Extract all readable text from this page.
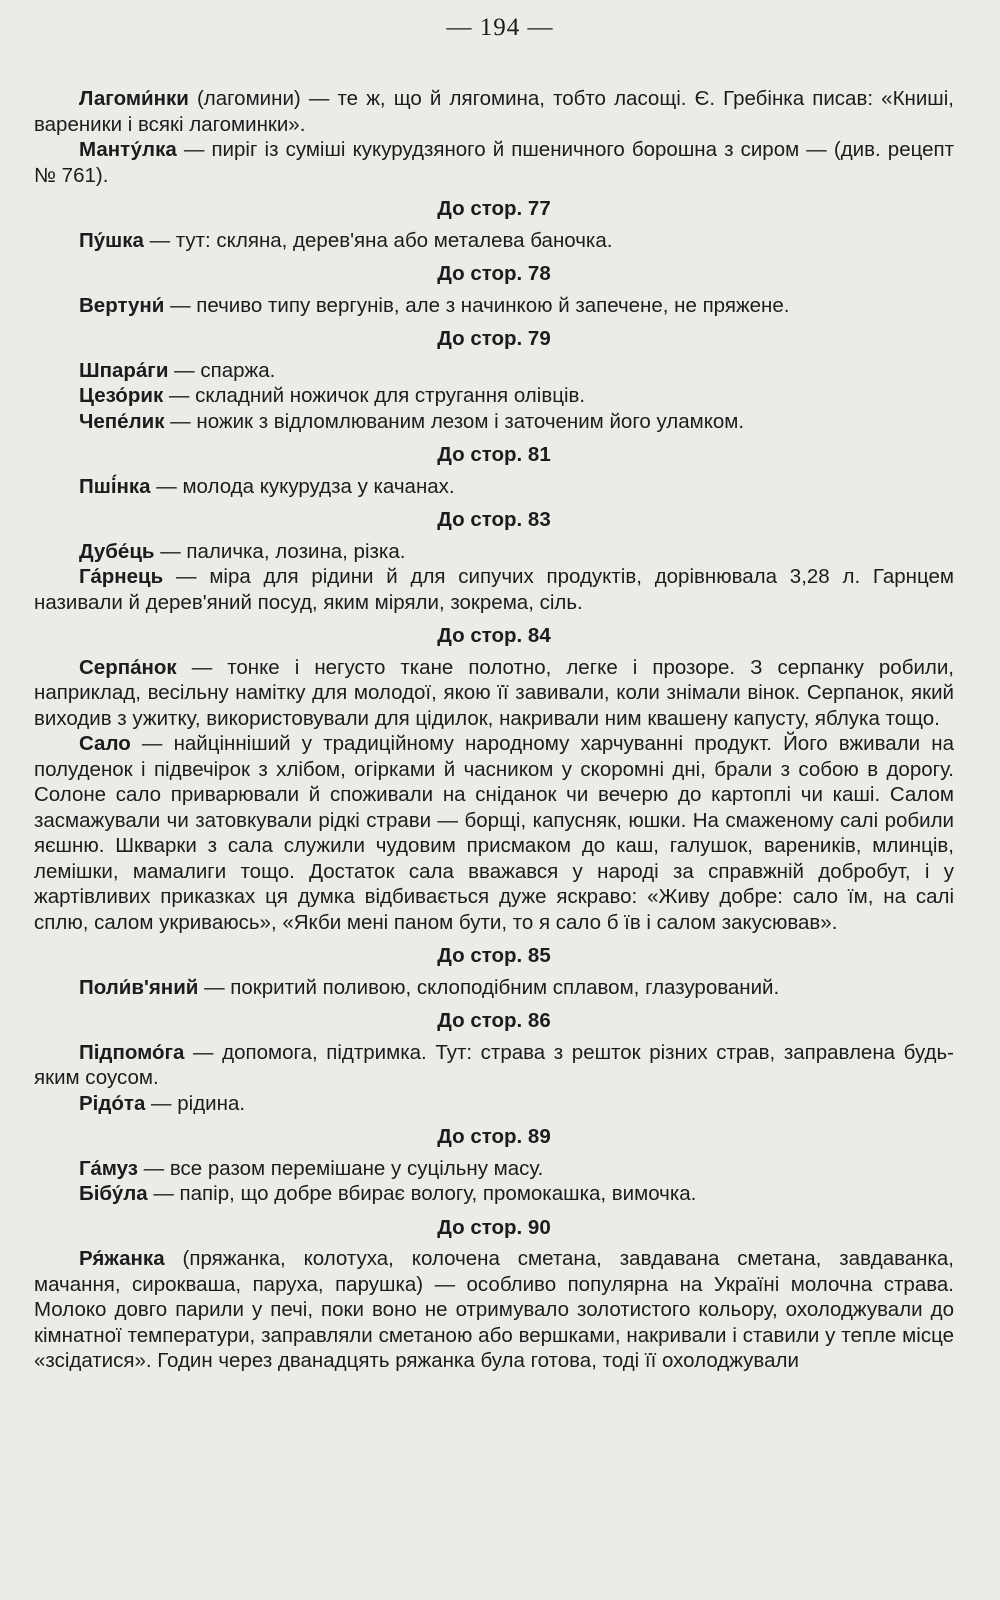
— 194 —

Лагоми́нки (лагомини) — те ж, що й лягомина, тобто ласощі. Є. Гребінка писав: «Книші, вареники і всякі лагоминки».

Манту́лка — пиріг із суміші кукурудзяного й пшеничного борошна з сиром — (див. рецепт № 761).

До стор. 77

Пу́шка — тут: скляна, дерев'яна або металева баночка.

До стор. 78

Вертуни́ — печиво типу вергунів, але з начинкою й запечене, не пряжене.

До стор. 79

Шпара́ги — спаржа.

Цезо́рик — складний ножичок для стругання олівців.

Чепе́лик — ножик з відломлюваним лезом і заточеним його уламком.

До стор. 81

Пші́нка — молода кукурудза у качанах.

До стор. 83

Дубе́ць — паличка, лозина, різка.

Га́рнець — міра для рідини й для сипучих продуктів, дорівнювала 3,28 л. Гарнцем називали й дерев'яний посуд, яким міряли, зокрема, сіль.

До стор. 84

Серпа́нок — тонке і негусто ткане полотно, легке і прозоре. З серпанку робили, наприклад, весільну намітку для молодої, якою її завивали, коли знімали вінок. Серпанок, який виходив з ужитку, використовували для цідилок, накривали ним квашену капусту, яблука тощо.

Сало — найцінніший у традиційному народному харчуванні продукт. Його вживали на полуденок і підвечірок з хлібом, огірками й часником у скоромні дні, брали з собою в дорогу. Солоне сало приварювали й споживали на сніданок чи вечерю до картоплі чи каші. Салом засмажували чи затовкували рідкі страви — борщі, капусняк, юшки. На смаженому салі робили яєшню. Шкварки з сала служили чудовим присмаком до каш, галушок, вареників, млинців, лемішки, мамалиги тощо. Достаток сала вважався у народі за справжній добробут, і у жартівливих приказках ця думка відбивається дуже яскраво: «Живу добре: сало їм, на салі сплю, салом укриваюсь», «Якби мені паном бути, то я сало б їв і салом закусював».

До стор. 85

Поли́в'яний — покритий поливою, склоподібним сплавом, глазурований.

До стор. 86

Підпомо́га — допомога, підтримка. Тут: страва з решток різних страв, заправлена будь-яким соусом.

Рідо́та — рідина.

До стор. 89

Га́муз — все разом перемішане у суцільну масу.

Бібу́ла — папір, що добре вбирає вологу, промокашка, вимочка.

До стор. 90

Ря́жанка (пряжанка, колотуха, колочена сметана, завдавана сметана, завдаванка, мачання, сироквашa, паруха, парушка) — особливо популярна на Україні молочна страва. Молоко довго парили у печі, поки воно не отримувало золотистого кольору, охолоджували до кімнатної температури, заправляли сметаною або вершками, накривали і ставили у тепле місце «зсідатися». Годин через дванадцять ряжанка була готова, тоді її охолоджували
